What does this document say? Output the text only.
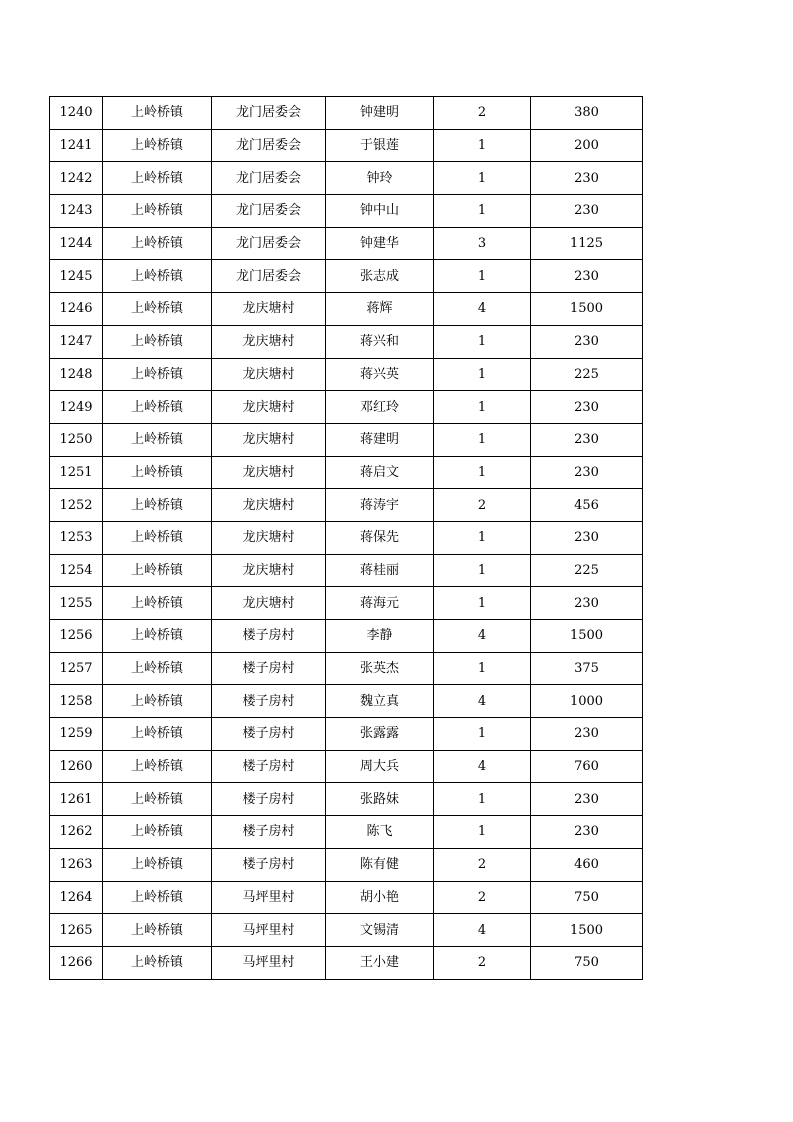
1240	上岭桥镇	龙门居委会	钟建明	2	380
1241	上岭桥镇	龙门居委会	于银莲	1	200
1242	上岭桥镇	龙门居委会	钟玲	1	230
1243	上岭桥镇	龙门居委会	钟中山	1	230
1244	上岭桥镇	龙门居委会	钟建华	3	1125
1245	上岭桥镇	龙门居委会	张志成	1	230
1246	上岭桥镇	龙庆塘村	蒋辉	4	1500
1247	上岭桥镇	龙庆塘村	蒋兴和	1	230
1248	上岭桥镇	龙庆塘村	蒋兴英	1	225
1249	上岭桥镇	龙庆塘村	邓红玲	1	230
1250	上岭桥镇	龙庆塘村	蒋建明	1	230
1251	上岭桥镇	龙庆塘村	蒋启文	1	230
1252	上岭桥镇	龙庆塘村	蒋涛宇	2	456
1253	上岭桥镇	龙庆塘村	蒋保先	1	230
1254	上岭桥镇	龙庆塘村	蒋桂丽	1	225
1255	上岭桥镇	龙庆塘村	蒋海元	1	230
1256	上岭桥镇	楼子房村	李静	4	1500
1257	上岭桥镇	楼子房村	张英杰	1	375
1258	上岭桥镇	楼子房村	魏立真	4	1000
1259	上岭桥镇	楼子房村	张露露	1	230
1260	上岭桥镇	楼子房村	周大兵	4	760
1261	上岭桥镇	楼子房村	张路妹	1	230
1262	上岭桥镇	楼子房村	陈飞	1	230
1263	上岭桥镇	楼子房村	陈有健	2	460
1264	上岭桥镇	马坪里村	胡小艳	2	750
1265	上岭桥镇	马坪里村	文锡清	4	1500
1266	上岭桥镇	马坪里村	王小建	2	750
